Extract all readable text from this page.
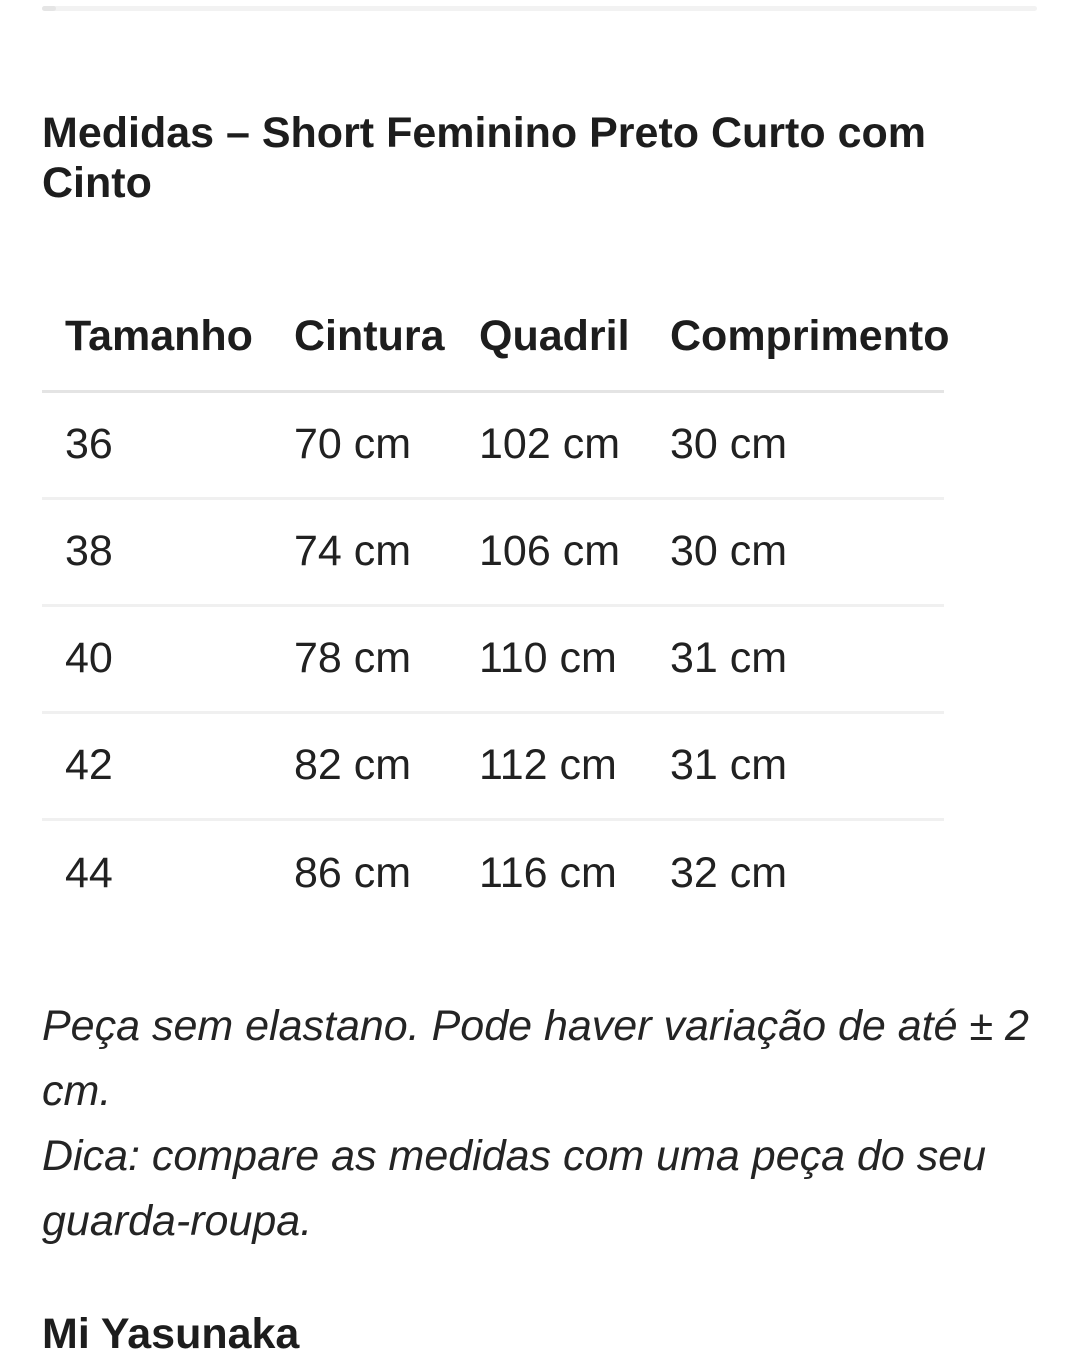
Medidas – Short Feminino Preto Curto com Cinto
Tamanho	Cintura	Quadril	Comprimento
36	70 cm	102 cm	30 cm
38	74 cm	106 cm	30 cm
40	78 cm	110 cm	31 cm
42	82 cm	112 cm	31 cm
44	86 cm	116 cm	32 cm
Peça sem elastano. Pode haver variação de até ± 2
cm.
Dica: compare as medidas com uma peça do seu
guarda-roupa.
Mi Yasunaka
